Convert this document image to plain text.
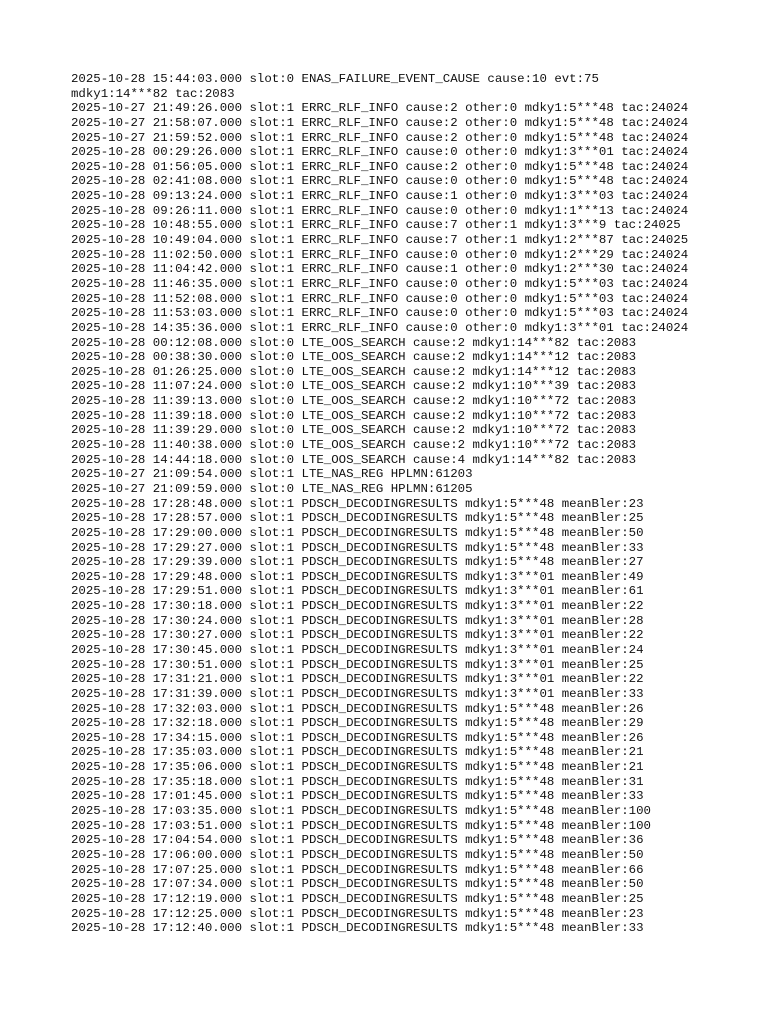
2025-10-28 15:44:03.000 slot:0 ENAS_FAILURE_EVENT_CAUSE cause:10 evt:75
mdky1:14***82 tac:2083
2025-10-27 21:49:26.000 slot:1 ERRC_RLF_INFO cause:2 other:0 mdky1:5***48 tac:24024
2025-10-27 21:58:07.000 slot:1 ERRC_RLF_INFO cause:2 other:0 mdky1:5***48 tac:24024
2025-10-27 21:59:52.000 slot:1 ERRC_RLF_INFO cause:2 other:0 mdky1:5***48 tac:24024
2025-10-28 00:29:26.000 slot:1 ERRC_RLF_INFO cause:0 other:0 mdky1:3***01 tac:24024
2025-10-28 01:56:05.000 slot:1 ERRC_RLF_INFO cause:2 other:0 mdky1:5***48 tac:24024
2025-10-28 02:41:08.000 slot:1 ERRC_RLF_INFO cause:0 other:0 mdky1:5***48 tac:24024
2025-10-28 09:13:24.000 slot:1 ERRC_RLF_INFO cause:1 other:0 mdky1:3***03 tac:24024
2025-10-28 09:26:11.000 slot:1 ERRC_RLF_INFO cause:0 other:0 mdky1:1***13 tac:24024
2025-10-28 10:48:55.000 slot:1 ERRC_RLF_INFO cause:7 other:1 mdky1:3***9 tac:24025
2025-10-28 10:49:04.000 slot:1 ERRC_RLF_INFO cause:7 other:1 mdky1:2***87 tac:24025
2025-10-28 11:02:50.000 slot:1 ERRC_RLF_INFO cause:0 other:0 mdky1:2***29 tac:24024
2025-10-28 11:04:42.000 slot:1 ERRC_RLF_INFO cause:1 other:0 mdky1:2***30 tac:24024
2025-10-28 11:46:35.000 slot:1 ERRC_RLF_INFO cause:0 other:0 mdky1:5***03 tac:24024
2025-10-28 11:52:08.000 slot:1 ERRC_RLF_INFO cause:0 other:0 mdky1:5***03 tac:24024
2025-10-28 11:53:03.000 slot:1 ERRC_RLF_INFO cause:0 other:0 mdky1:5***03 tac:24024
2025-10-28 14:35:36.000 slot:1 ERRC_RLF_INFO cause:0 other:0 mdky1:3***01 tac:24024
2025-10-28 00:12:08.000 slot:0 LTE_OOS_SEARCH cause:2 mdky1:14***82 tac:2083
2025-10-28 00:38:30.000 slot:0 LTE_OOS_SEARCH cause:2 mdky1:14***12 tac:2083
2025-10-28 01:26:25.000 slot:0 LTE_OOS_SEARCH cause:2 mdky1:14***12 tac:2083
2025-10-28 11:07:24.000 slot:0 LTE_OOS_SEARCH cause:2 mdky1:10***39 tac:2083
2025-10-28 11:39:13.000 slot:0 LTE_OOS_SEARCH cause:2 mdky1:10***72 tac:2083
2025-10-28 11:39:18.000 slot:0 LTE_OOS_SEARCH cause:2 mdky1:10***72 tac:2083
2025-10-28 11:39:29.000 slot:0 LTE_OOS_SEARCH cause:2 mdky1:10***72 tac:2083
2025-10-28 11:40:38.000 slot:0 LTE_OOS_SEARCH cause:2 mdky1:10***72 tac:2083
2025-10-28 14:44:18.000 slot:0 LTE_OOS_SEARCH cause:4 mdky1:14***82 tac:2083
2025-10-27 21:09:54.000 slot:1 LTE_NAS_REG HPLMN:61203
2025-10-27 21:09:59.000 slot:0 LTE_NAS_REG HPLMN:61205
2025-10-28 17:28:48.000 slot:1 PDSCH_DECODINGRESULTS mdky1:5***48 meanBler:23
2025-10-28 17:28:57.000 slot:1 PDSCH_DECODINGRESULTS mdky1:5***48 meanBler:25
2025-10-28 17:29:00.000 slot:1 PDSCH_DECODINGRESULTS mdky1:5***48 meanBler:50
2025-10-28 17:29:27.000 slot:1 PDSCH_DECODINGRESULTS mdky1:5***48 meanBler:33
2025-10-28 17:29:39.000 slot:1 PDSCH_DECODINGRESULTS mdky1:5***48 meanBler:27
2025-10-28 17:29:48.000 slot:1 PDSCH_DECODINGRESULTS mdky1:3***01 meanBler:49
2025-10-28 17:29:51.000 slot:1 PDSCH_DECODINGRESULTS mdky1:3***01 meanBler:61
2025-10-28 17:30:18.000 slot:1 PDSCH_DECODINGRESULTS mdky1:3***01 meanBler:22
2025-10-28 17:30:24.000 slot:1 PDSCH_DECODINGRESULTS mdky1:3***01 meanBler:28
2025-10-28 17:30:27.000 slot:1 PDSCH_DECODINGRESULTS mdky1:3***01 meanBler:22
2025-10-28 17:30:45.000 slot:1 PDSCH_DECODINGRESULTS mdky1:3***01 meanBler:24
2025-10-28 17:30:51.000 slot:1 PDSCH_DECODINGRESULTS mdky1:3***01 meanBler:25
2025-10-28 17:31:21.000 slot:1 PDSCH_DECODINGRESULTS mdky1:3***01 meanBler:22
2025-10-28 17:31:39.000 slot:1 PDSCH_DECODINGRESULTS mdky1:3***01 meanBler:33
2025-10-28 17:32:03.000 slot:1 PDSCH_DECODINGRESULTS mdky1:5***48 meanBler:26
2025-10-28 17:32:18.000 slot:1 PDSCH_DECODINGRESULTS mdky1:5***48 meanBler:29
2025-10-28 17:34:15.000 slot:1 PDSCH_DECODINGRESULTS mdky1:5***48 meanBler:26
2025-10-28 17:35:03.000 slot:1 PDSCH_DECODINGRESULTS mdky1:5***48 meanBler:21
2025-10-28 17:35:06.000 slot:1 PDSCH_DECODINGRESULTS mdky1:5***48 meanBler:21
2025-10-28 17:35:18.000 slot:1 PDSCH_DECODINGRESULTS mdky1:5***48 meanBler:31
2025-10-28 17:01:45.000 slot:1 PDSCH_DECODINGRESULTS mdky1:5***48 meanBler:33
2025-10-28 17:03:35.000 slot:1 PDSCH_DECODINGRESULTS mdky1:5***48 meanBler:100
2025-10-28 17:03:51.000 slot:1 PDSCH_DECODINGRESULTS mdky1:5***48 meanBler:100
2025-10-28 17:04:54.000 slot:1 PDSCH_DECODINGRESULTS mdky1:5***48 meanBler:36
2025-10-28 17:06:00.000 slot:1 PDSCH_DECODINGRESULTS mdky1:5***48 meanBler:50
2025-10-28 17:07:25.000 slot:1 PDSCH_DECODINGRESULTS mdky1:5***48 meanBler:66
2025-10-28 17:07:34.000 slot:1 PDSCH_DECODINGRESULTS mdky1:5***48 meanBler:50
2025-10-28 17:12:19.000 slot:1 PDSCH_DECODINGRESULTS mdky1:5***48 meanBler:25
2025-10-28 17:12:25.000 slot:1 PDSCH_DECODINGRESULTS mdky1:5***48 meanBler:23
2025-10-28 17:12:40.000 slot:1 PDSCH_DECODINGRESULTS mdky1:5***48 meanBler:33
